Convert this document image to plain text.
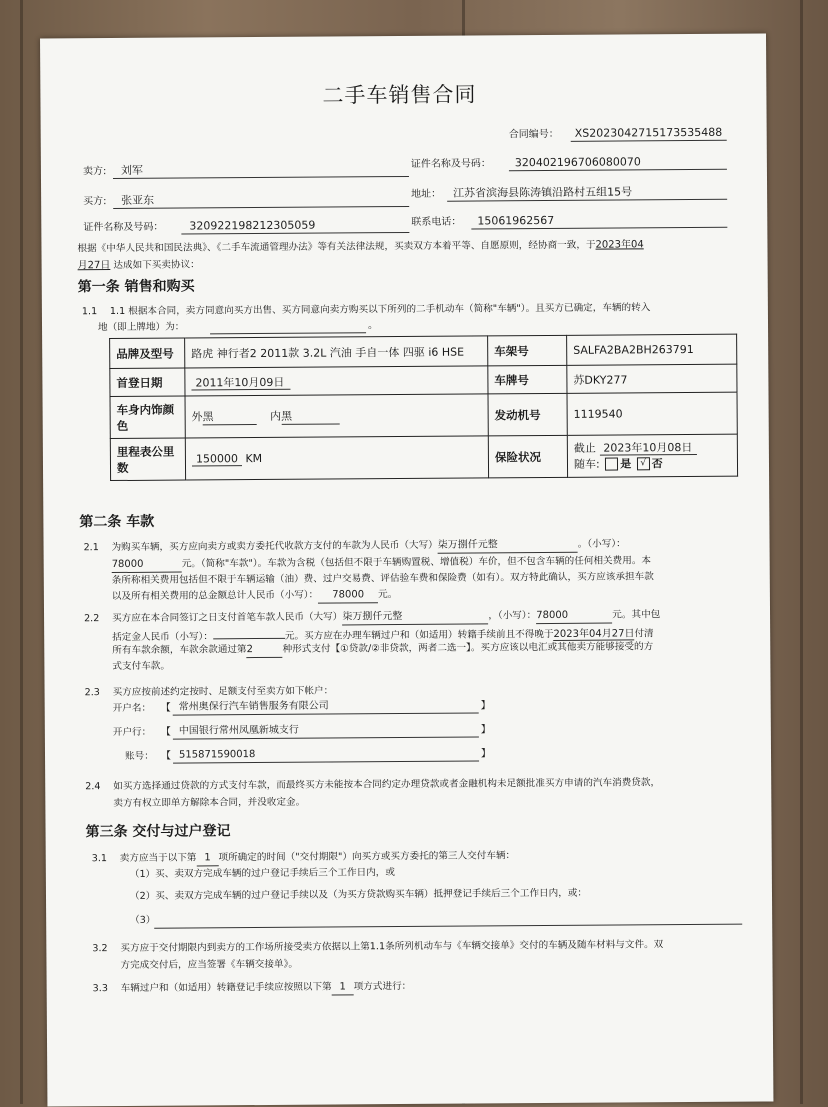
二手车销售合同
合同编号： XS2023042715173535488
卖方: 刘军	证件名称及号码： 320402196706080070
买方: 张亚东	地址： 江苏省滨海县陈涛镇沿路村五组15号
证件名称及号码： 320922198212305059	联系电话： 15061962567
根据《中华人民共和国民法典》、《二手车流通管理办法》等有关法律法规，买卖双方本着平等、自愿原则，经协商一致，于2023年04
月27日 达成如下买卖协议：
第一条 销售和购买
1.1 1.1 根据本合同，卖方同意向买方出售、买方同意向卖方购买以下所列的二手机动车（简称"车辆"）。且买方已确定，车辆的转入
地（即上牌地）为：	。
品牌及型号	路虎 神行者2 2011款 3.2L 汽油 手自一体 四驱 i6 HSE	车架号	SALFA2BA2BH263791
首登日期	2011年10月09日	车牌号	苏DKY277
车身内饰颜色	外黑 内黑	发动机号	1119540
里程表公里数	150000 KM	保险状况	截止 2023年10月08日
随车: 是 √ 否
第二条 车款
2.1 为购买车辆，买方应向卖方或卖方委托代收款方支付的车款为人民币（大写）柒万捌仟元整	。（小写）：
78000	元。（简称"车款"）。车款为含税（包括但不限于车辆购置税、增值税）车价，但不包含车辆的任何相关费用。本
条所称相关费用包括但不限于车辆运输（油）费、过户交易费、评估验车费和保险费（如有）。双方特此确认，买方应该承担车款
以及所有相关费用的总金额总计人民币（小写）： 78000 元。
2.2 买方应在本合同签订之日支付首笔车款人民币（大写）柒万捌仟元整	，（小写）：78000	元。其中包
括定金人民币（小写）：	元。买方应在办理车辆过户和（如适用）转籍手续前且不得晚于2023年04月27日付清
所有车款余额，车款余款通过第2	种形式支付【①贷款/②非贷款，两者二选一】。买方应该以电汇或其他卖方能够接受的方
式支付车款。
2.3 买方应按前述约定按时、足额支付至卖方如下帐户：
开户名： 【 常州奥保行汽车销售服务有限公司	】
开户行： 【 中国银行常州凤凰新城支行	】
账号： 【 515871590018	】
2.4 如买方选择通过贷款的方式支付车款，而最终买方未能按本合同约定办理贷款或者金融机构未足额批准买方申请的汽车消费贷款，
卖方有权立即单方解除本合同，并没收定金。
第三条 交付与过户登记
3.1 卖方应当于以下第 1 项所确定的时间（"交付期限"）向买方或买方委托的第三人交付车辆：
（1）买、卖双方完成车辆的过户登记手续后三个工作日内，或
（2）买、卖双方完成车辆的过户登记手续以及（为买方贷款购买车辆）抵押登记手续后三个工作日内，或：
（3）
3.2 买方应于交付期限内到卖方的工作场所接受卖方依据以上第1.1条所列机动车与《车辆交接单》交付的车辆及随车材料与文件。双
方完成交付后，应当签署《车辆交接单》。
3.3 车辆过户和（如适用）转籍登记手续应按照以下第 1 项方式进行：
